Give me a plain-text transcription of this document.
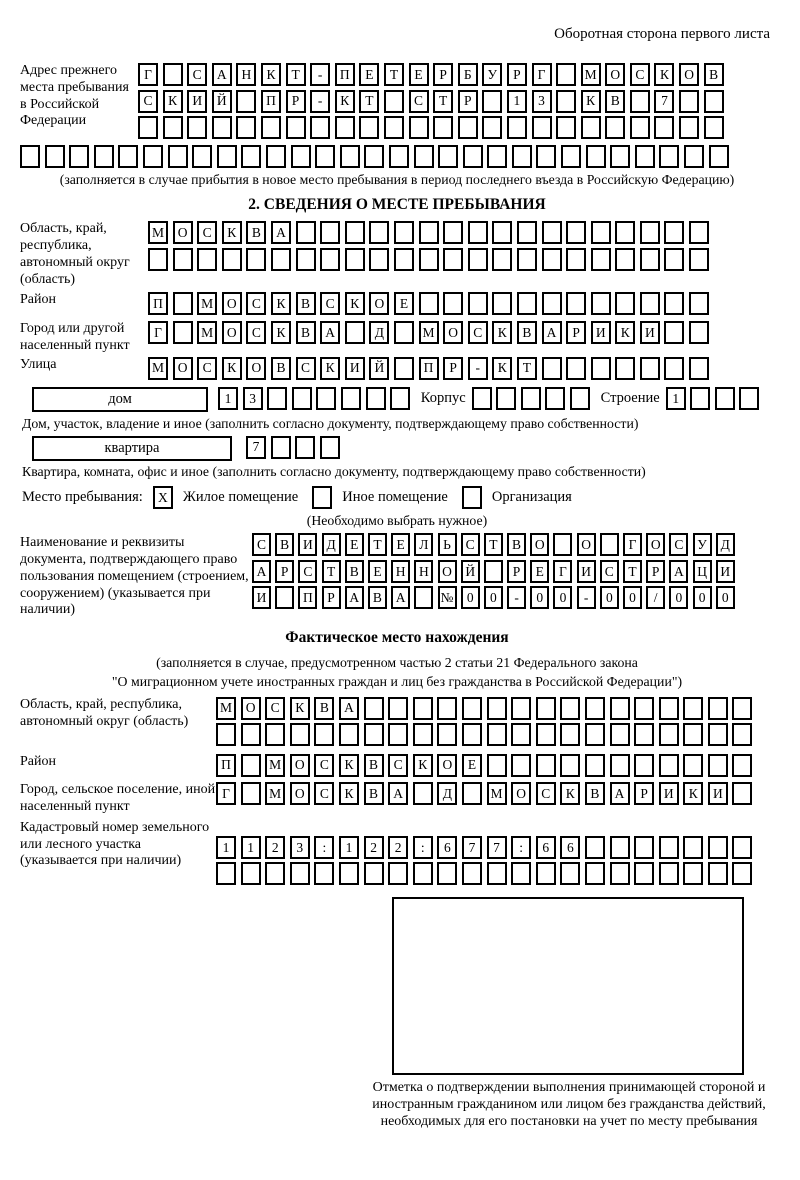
Оборотная сторона первого листа
Адрес прежнего места пребывания в Российской Федерации
Г	С	А	Н	К	Т	-	П	Е	Т	Е	Р	Б	У	Р	Г	М	О	С	К	О	В
С	К	И	Й	П	Р	-	К	Т	С	Т	Р	1	3	К	В	7
(заполняется в случае прибытия в новое место пребывания в период последнего въезда в Российскую Федерацию)
2. СВЕДЕНИЯ О МЕСТЕ ПРЕБЫВАНИЯ
Область, край, республика, автономный округ (область)
М	О	С	К	В	А
Район	П	М	О	С	К	В	С	К	О	Е
Город или другой населенный пункт
Г	М	О	С	К	В	А	Д	М	О	С	К	В	А	Р	И	К	И
Улица	М	О	С	К	О	В	С	К	И	Й	П	Р	-	К	Т
дом	1	3	Корпус	Строение 1
Дом, участок, владение и иное (заполнить согласно документу, подтверждающему право собственности)
квартира	7
Квартира, комната, офис и иное (заполнить согласно документу, подтверждающему право собственности)
Место пребывания:	X	Жилое помещение	Иное помещение	Организация
(Необходимо выбрать нужное)
Наименование и реквизиты документа, подтверждающего право пользования помещением (строением, сооружением) (указывается при наличии)
С	В	И	Д	Е	Т	Е	Л	Ь	С	Т	В	О	О	Г	О	С	У	Д
А	Р	С	Т	В	Е	Н Н О Й	Р	Е	Г	И	С	Т	Р	А Ц И
И	П	Р	А	В	А	№ 0	0	-	0	0	-	0	0	/	0	0	0
Фактическое место нахождения
(заполняется в случае, предусмотренном частью 2 статьи 21 Федерального закона
"О миграционном учете иностранных граждан и лиц без гражданства в Российской Федерации")
Область, край, республика, автономный округ (область)
М	О	С	К	В	А
Район	П	М	О	С	К	В	С	К	О	Е
Город, сельское поселение, иной населенный пункт
Г	М	О	С	К	В	А	Д	М	О	С	К	В	А	Р	И	К	И
Кадастровый номер земельного или лесного участка (указывается при наличии)
1	1	2	3	:	1	2	2	:	6	7	7	:	6	6
Отметка о подтверждении выполнения принимающей стороной и иностранным гражданином или лицом без гражданства действий, необходимых для его постановки на учет по месту пребывания
